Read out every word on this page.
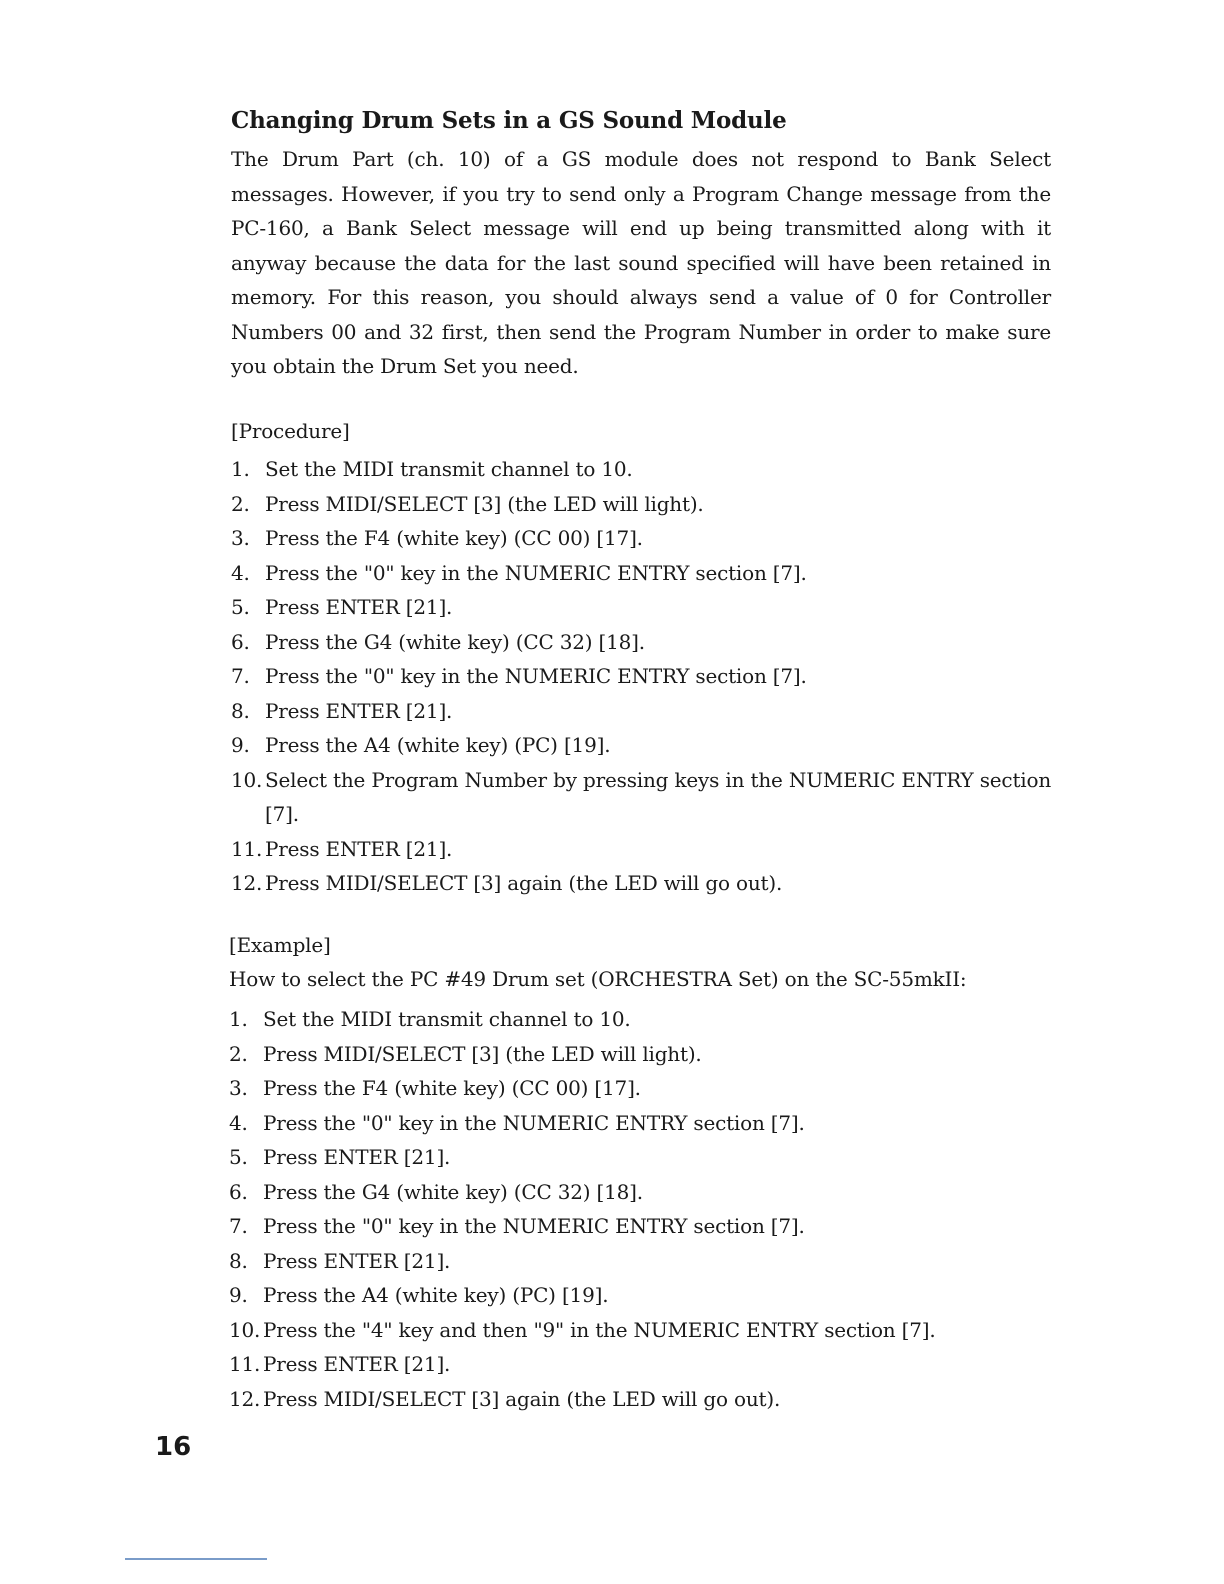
Changing Drum Sets in a GS Sound Module
The Drum Part (ch. 10) of a GS module does not respond to Bank Select messages. However, if you try to send only a Program Change message from the PC-160, a Bank Select message will end up being transmitted along with it anyway because the data for the last sound specified will have been retained in memory. For this reason, you should always send a value of 0 for Controller Numbers 00 and 32 first, then send the Program Number in order to make sure you obtain the Drum Set you need.
[Procedure]
1. Set the MIDI transmit channel to 10.
2. Press MIDI/SELECT [3] (the LED will light).
3. Press the F4 (white key) (CC 00) [17].
4. Press the "0" key in the NUMERIC ENTRY section [7].
5. Press ENTER [21].
6. Press the G4 (white key) (CC 32) [18].
7. Press the "0" key in the NUMERIC ENTRY section [7].
8. Press ENTER [21].
9. Press the A4 (white key) (PC) [19].
10. Select the Program Number by pressing keys in the NUMERIC ENTRY section [7].
11. Press ENTER [21].
12. Press MIDI/SELECT [3] again (the LED will go out).
[Example]
How to select the PC #49 Drum set (ORCHESTRA Set) on the SC-55mkII:
1. Set the MIDI transmit channel to 10.
2. Press MIDI/SELECT [3] (the LED will light).
3. Press the F4 (white key) (CC 00) [17].
4. Press the "0" key in the NUMERIC ENTRY section [7].
5. Press ENTER [21].
6. Press the G4 (white key) (CC 32) [18].
7. Press the "0" key in the NUMERIC ENTRY section [7].
8. Press ENTER [21].
9. Press the A4 (white key) (PC) [19].
10. Press the "4" key and then "9" in the NUMERIC ENTRY section [7].
11. Press ENTER [21].
12. Press MIDI/SELECT [3] again (the LED will go out).
16
